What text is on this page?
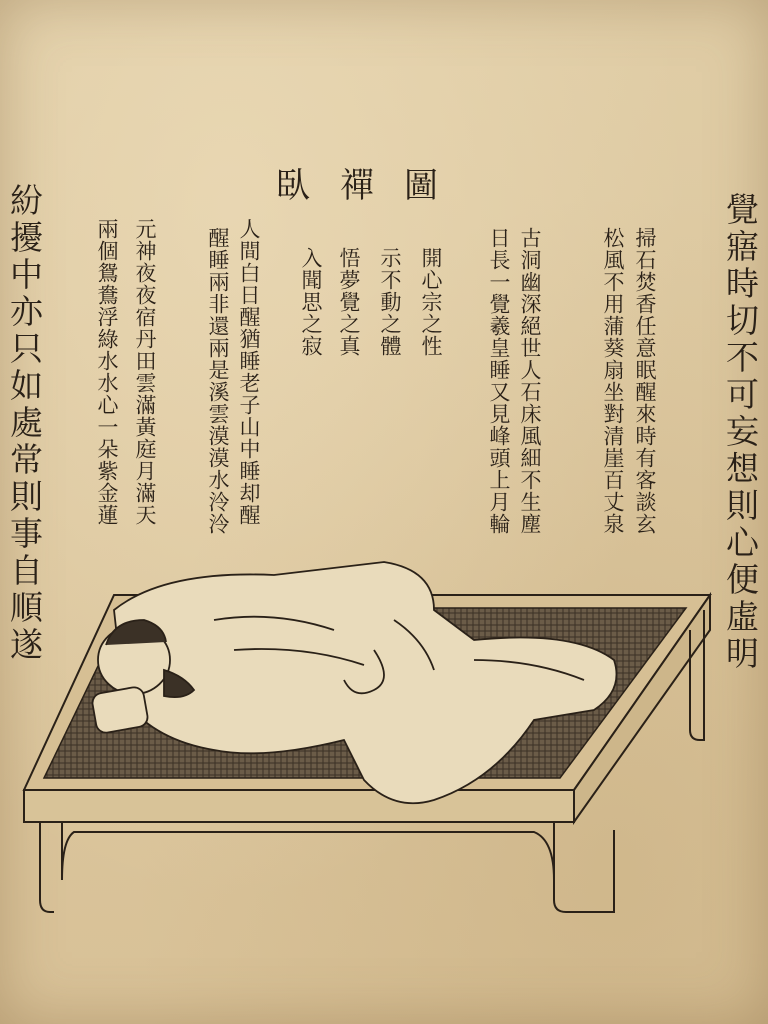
臥禪圖
紛擾中亦只如處常則事自順遂	覺寤時切不可妄想則心便虛明
掃石焚香任意眠醒來時有客談玄
松風不用蒲葵扇坐對清崖百丈泉
古洞幽深絕世人石床風細不生塵
日長一覺羲皇睡又見峰頭上月輪
開心宗之性
示不動之體
悟夢覺之真
入聞思之寂
人間白日醒猶睡老子山中睡却醒
醒睡兩非還兩是溪雲漠漠水泠泠
元神夜夜宿丹田雲滿黃庭月滿天
兩個鴛鴦浮綠水水心一朵紫金蓮
